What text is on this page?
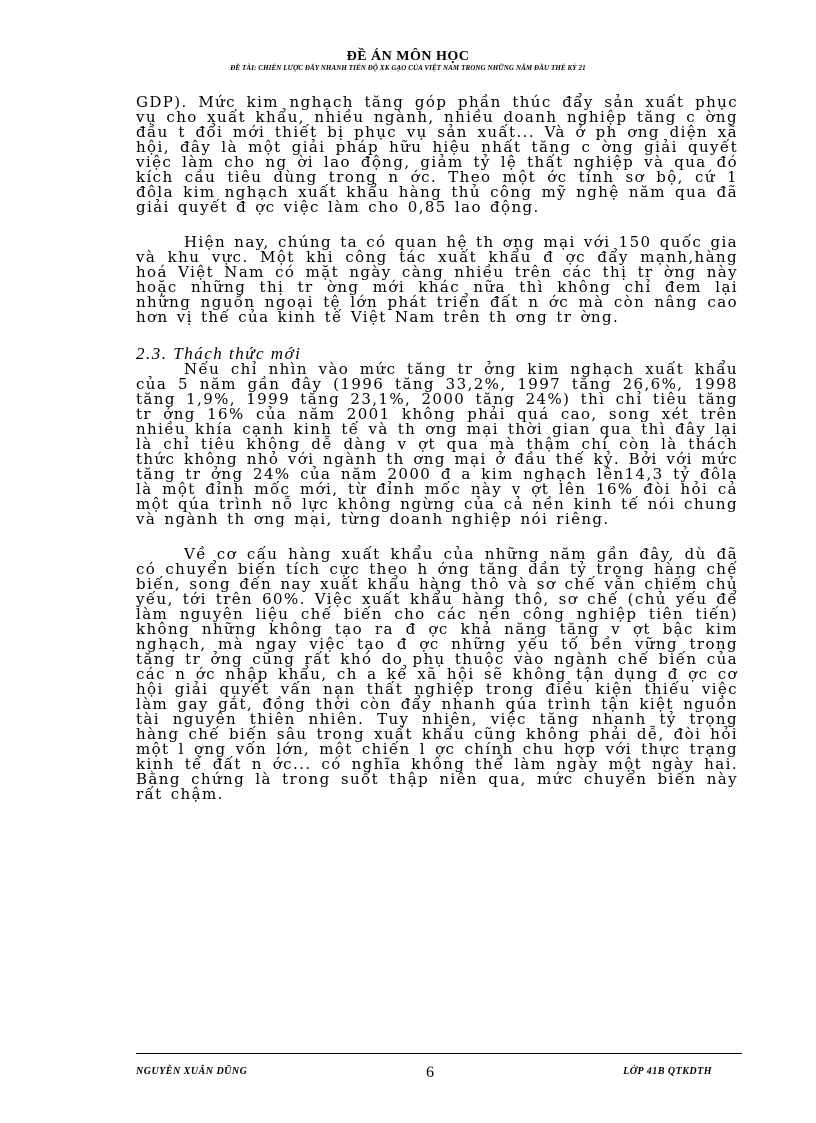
ĐỀ ÁN MÔN HỌC
ĐỀ TÀI: CHIẾN LƯỢC ĐẨY NHANH TIẾN ĐỘ XK GẠO CỦA VIỆT NAM TRONG NHỮNG NĂM ĐẦU THẾ KỶ 21

GDP). Mức kim nghạch tăng góp phần thúc đẩy sản xuất phục vụ cho xuất khẩu, nhiều ngành, nhiều doanh nghiệp tăng c ờng đầu t đổi mới thiết bị phục vụ sản xuất... Và ở ph ơng diện xã hội, đây là một giải pháp hữu hiệu nhất tăng c ờng giải quyết việc làm cho ng ời lao động, giảm tỷ lệ thất nghiệp và qua đó kích cầu tiêu dùng trong n ớc. Theo một ớc tính sơ bộ, cứ 1 đôla kim nghạch xuất khẩu hàng thủ công mỹ nghệ năm qua đã giải quyết đ ợc việc làm cho 0,85 lao động.

Hiện nay, chúng ta có quan hệ th ơng mại với 150 quốc gia và khu vực. Một khi công tác xuất khẩu đ ợc đẩy mạnh,hàng hoá Việt Nam có mặt ngày càng nhiều trên các thị tr ờng này hoặc những thị tr ờng mới khác nữa thì không chỉ đem lại những nguồn ngoại tệ lớn phát triển đất n ớc mà còn nâng cao hơn vị thế của kinh tế Việt Nam trên th ơng tr ờng.

2.3. Thách thức mới

Nếu chỉ nhìn vào mức tăng tr ởng kim nghạch xuất khẩu của 5 năm gần đây (1996 tăng 33,2%, 1997 tăng 26,6%, 1998 tăng 1,9%, 1999 tăng 23,1%, 2000 tăng 24%) thì chỉ tiêu tăng tr ởng 16% của năm 2001 không phải quá cao, song xét trên nhiều khía cạnh kinh tế và th ơng mại thời gian qua thì đây lại là chỉ tiêu không dễ dàng v ợt qua mà thậm chí còn là thách thức không nhỏ với ngành th ơng mại ở đầu thế kỷ. Bởi với mức tăng tr ởng 24% của năm 2000 đ a kim nghạch lên14,3 tỷ đôla là một đỉnh mốc mới, từ đỉnh mốc này v ợt lên 16% đòi hỏi cả một qúa trình nỗ lực không ngừng của cả nền kinh tế nói chung và ngành th ơng mại, từng doanh nghiệp nói riêng.

Về cơ cấu hàng xuất khẩu của những năm gần đây, dù đã có chuyển biến tích cực theo h ớng tăng dần tỷ trọng hàng chế biến, song đến nay xuất khẩu hàng thô và sơ chế vẫn chiếm chủ yếu, tới trên 60%. Việc xuất khẩu hàng thô, sơ chế (chủ yếu để làm nguyên liệu chế biến cho các nền công nghiệp tiên tiến) không những không tạo ra đ ợc khả năng tăng v ợt bậc kim nghạch, mà ngay việc tạo đ ợc những yếu tố bền vững trong tăng tr ởng cũng rất khó do phụ thuộc vào ngành chế biến của các n ớc nhập khẩu, ch a kể xã hội sẽ không tận dụng đ ợc cơ hội giải quyết vấn nạn thất nghiệp trong điều kiện thiếu việc làm gay gắt, đồng thời còn đẩy nhanh qúa trình tận kiệt nguồn tài nguyên thiên nhiên. Tuy nhiên, việc tăng nhanh tỷ trọng hàng chế biến sâu trong xuất khẩu cũng không phải dễ, đòi hỏi một l ợng vốn lớn, một chiến l ợc chính chu hợp với thực trạng kinh tế đất n ớc... có nghĩa không thể làm ngày một ngày hai. Bằng chứng là trong suốt thập niên qua, mức chuyển biến này rất chậm.

NGUYỄN XUÂN DŨNG	6	LỚP 41B QTKDTH
